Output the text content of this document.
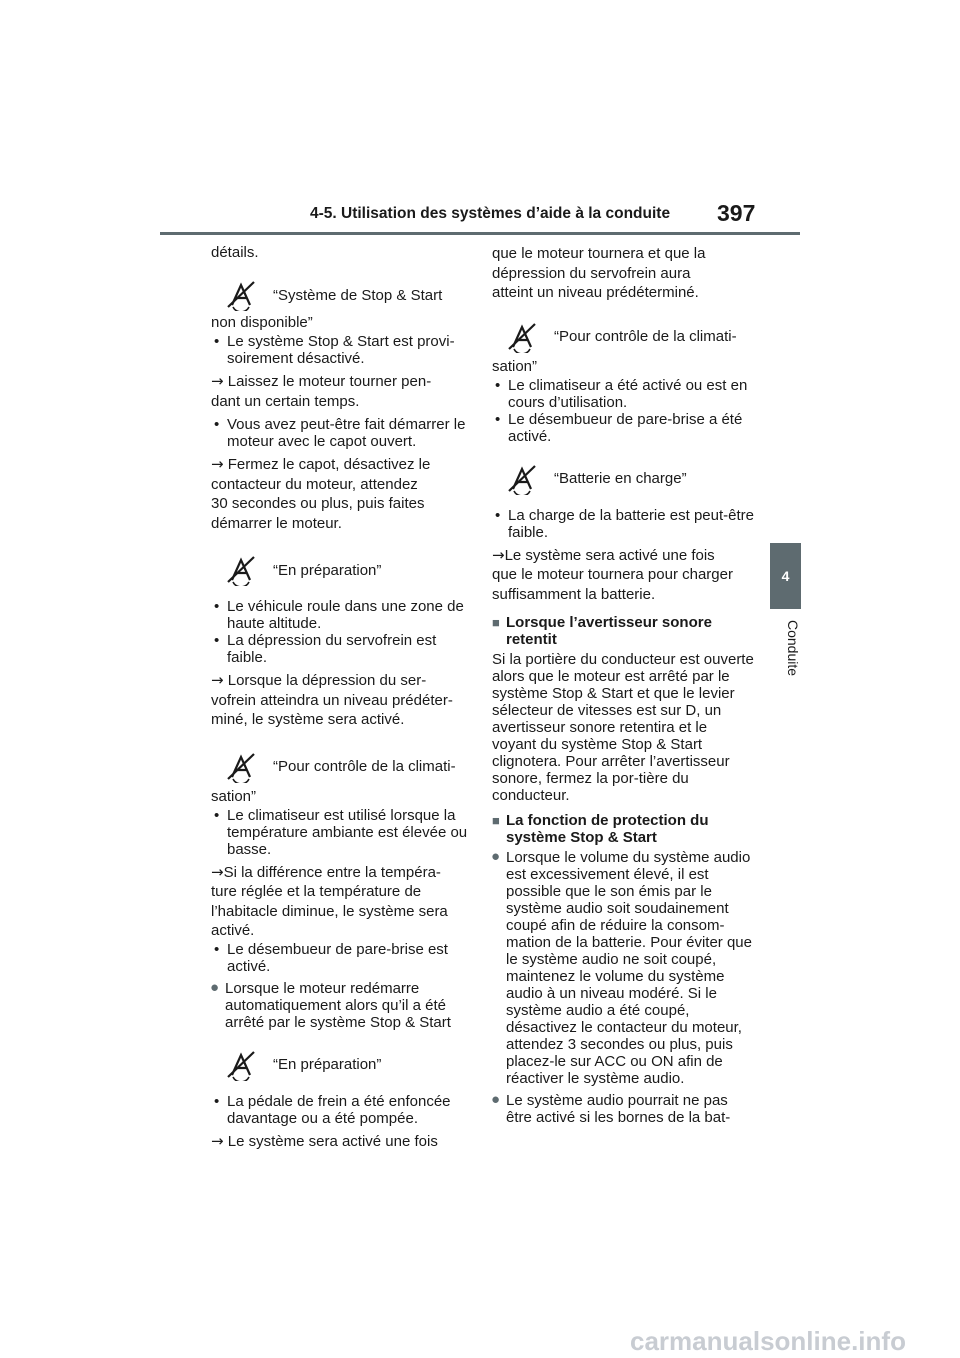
4-5. Utilisation des systèmes d’aide à la conduite 397
4
Conduite

détails.

“Système de Stop & Start

non disponible”

• Le système Stop & Start est provi-soirement désactivé.

→ Laissez le moteur tourner pen-
dant un certain temps.

• Vous avez peut-être fait démarrer le moteur avec le capot ouvert.

→ Fermez le capot, désactivez le
contacteur du moteur, attendez
30 secondes ou plus, puis faites
démarrer le moteur.

“En préparation”

• Le véhicule roule dans une zone de haute altitude.

• La dépression du servofrein est faible.

→ Lorsque la dépression du ser-
vofrein atteindra un niveau prédéter-
miné, le système sera activé.

“Pour contrôle de la climati-

sation”

• Le climatiseur est utilisé lorsque la température ambiante est élevée ou basse.

→Si la différence entre la tempéra-
ture réglée et la température de
l’habitacle diminue, le système sera
activé.

• Le désembueur de pare-brise est activé.

● Lorsque le moteur redémarre automatiquement alors qu’il a été arrêté par le système Stop & Start

“En préparation”

• La pédale de frein a été enfoncée davantage ou a été pompée.

→ Le système sera activé une fois

que le moteur tournera et que la
dépression du servofrein aura
atteint un niveau prédéterminé.

“Pour contrôle de la climati-

sation”

• Le climatiseur a été activé ou est en cours d’utilisation.

• Le désembueur de pare-brise a été activé.

“Batterie en charge”

• La charge de la batterie est peut-être faible.

→Le système sera activé une fois
que le moteur tournera pour charger
suffisamment la batterie.

■ Lorsque l’avertisseur sonore retentit

Si la portière du conducteur est ouverte alors que le moteur est arrêté par le système Stop & Start et que le levier sélecteur de vitesses est sur D, un avertisseur sonore retentira et le voyant du système Stop & Start clignotera. Pour arrêter l’avertisseur sonore, fermez la por-tière du conducteur.

■ La fonction de protection du système Stop & Start

● Lorsque le volume du système audio est excessivement élevé, il est possible que le son émis par le système audio soit soudainement coupé afin de réduire la consom-mation de la batterie. Pour éviter que le système audio ne soit coupé, maintenez le volume du système audio à un niveau modéré. Si le système audio a été coupé, désactivez le contacteur du moteur, attendez 3 secondes ou plus, puis placez-le sur ACC ou ON afin de réactiver le système audio.

● Le système audio pourrait ne pas être activé si les bornes de la bat-

carmanualsonline.info
